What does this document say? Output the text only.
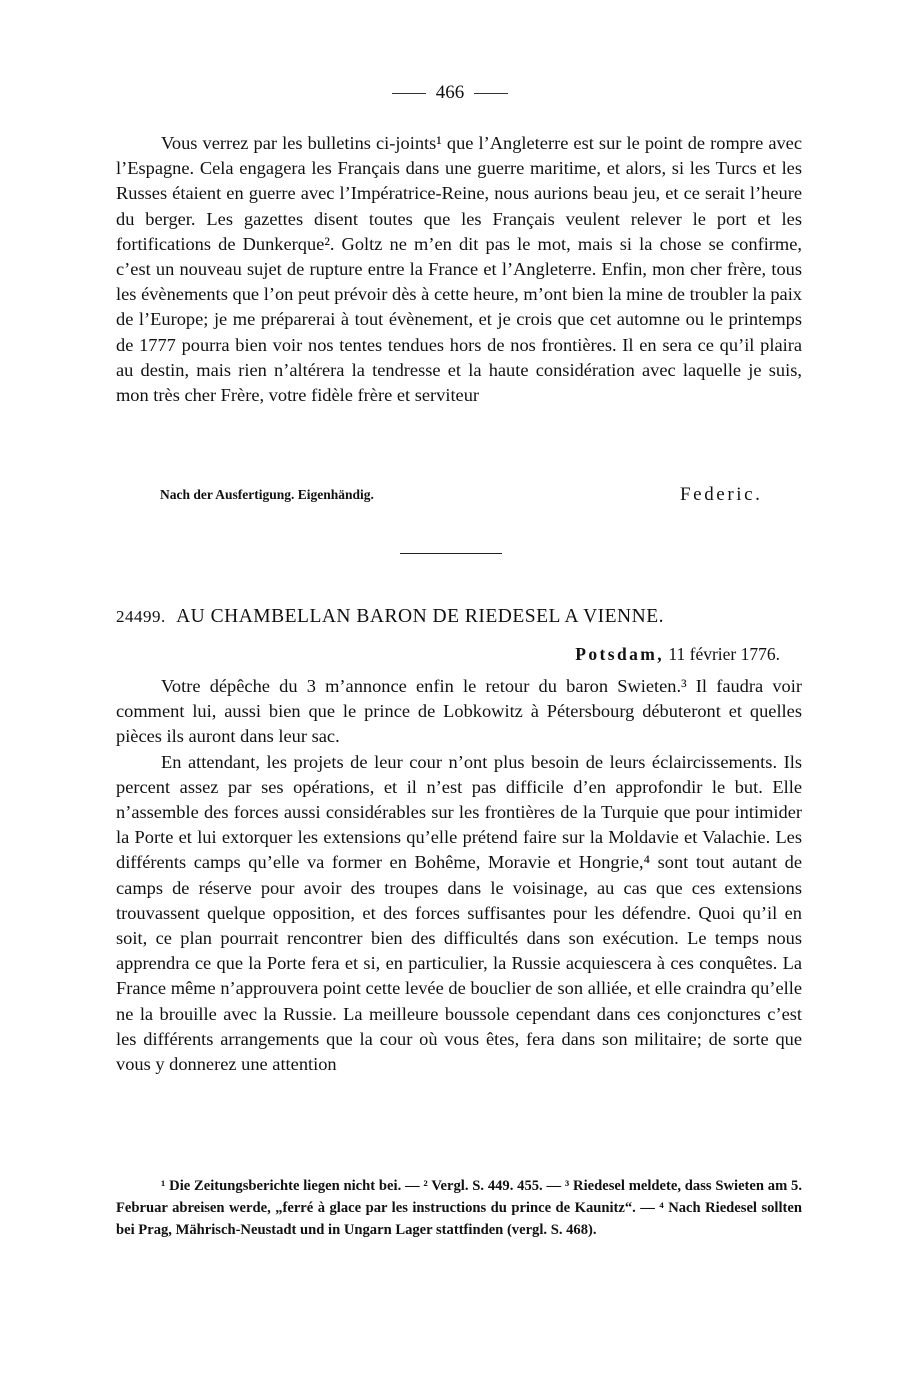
466

Vous verrez par les bulletins ci-joints¹ que l’Angleterre est sur le point de rompre avec l’Espagne. Cela engagera les Français dans une guerre maritime, et alors, si les Turcs et les Russes étaient en guerre avec l’Impératrice-Reine, nous aurions beau jeu, et ce serait l’heure du berger. Les gazettes disent toutes que les Français veulent relever le port et les fortifications de Dunkerque². Goltz ne m’en dit pas le mot, mais si la chose se confirme, c’est un nouveau sujet de rupture entre la France et l’Angleterre. Enfin, mon cher frère, tous les évènements que l’on peut prévoir dès à cette heure, m’ont bien la mine de troubler la paix de l’Europe; je me préparerai à tout évènement, et je crois que cet automne ou le printemps de 1777 pourra bien voir nos tentes tendues hors de nos frontières. Il en sera ce qu’il plaira au destin, mais rien n’altérera la tendresse et la haute considération avec laquelle je suis, mon très cher Frère, votre fidèle frère et serviteur

Nach der Ausfertigung. Eigenhändig.	Federic.
24499. AU CHAMBELLAN BARON DE RIEDESEL A VIENNE.
Potsdam, 11 février 1776.

Votre dépêche du 3 m’annonce enfin le retour du baron Swieten.³ Il faudra voir comment lui, aussi bien que le prince de Lobkowitz à Pétersbourg débuteront et quelles pièces ils auront dans leur sac.

En attendant, les projets de leur cour n’ont plus besoin de leurs éclaircissements. Ils percent assez par ses opérations, et il n’est pas difficile d’en approfondir le but. Elle n’assemble des forces aussi considérables sur les frontières de la Turquie que pour intimider la Porte et lui extorquer les extensions qu’elle prétend faire sur la Moldavie et Valachie. Les différents camps qu’elle va former en Bohême, Moravie et Hongrie,⁴ sont tout autant de camps de réserve pour avoir des troupes dans le voisinage, au cas que ces extensions trouvassent quelque opposition, et des forces suffisantes pour les défendre. Quoi qu’il en soit, ce plan pourrait rencontrer bien des difficultés dans son exécution. Le temps nous apprendra ce que la Porte fera et si, en particulier, la Russie acquiescera à ces conquêtes. La France même n’approuvera point cette levée de bouclier de son alliée, et elle craindra qu’elle ne la brouille avec la Russie. La meilleure boussole cependant dans ces conjonctures c’est les différents arrangements que la cour où vous êtes, fera dans son militaire; de sorte que vous y donnerez une attention

¹ Die Zeitungsberichte liegen nicht bei. — ² Vergl. S. 449. 455. — ³ Riedesel meldete, dass Swieten am 5. Februar abreisen werde, „ferré à glace par les instructions du prince de Kaunitz“. — ⁴ Nach Riedesel sollten bei Prag, Mährisch-Neustadt und in Ungarn Lager stattfinden (vergl. S. 468).
